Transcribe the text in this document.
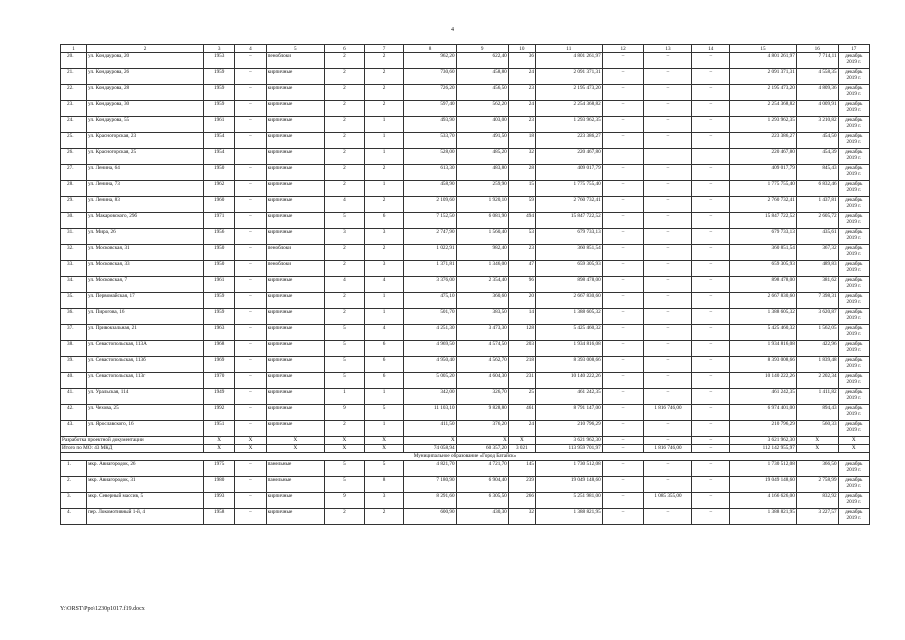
4
1	2	3	4	5	6	7	8	9	10	11	12	13	14	15	16	17
20.	ул. Кондаурова, 20	1953	–	пеноблоки	2	2	962,20	622,40	36	4 801 261,97	–	–	–	4 801 261,97	7 714,11	декабрь 2019 г.
21.	ул. Кондаурова, 26	1959	–	кирпичные	2	2	730,60	458,80	24	2 091 371,31	–	–	–	2 091 371,31	4 558,35	декабрь 2019 г.
22.	ул. Кондаурова, 28	1959	–	кирпичные	2	2	726,20	456,50	23	2 195 473,20	–	–	–	2 195 473,20	4 809,36	декабрь 2019 г.
23.	ул. Кондаурова, 30	1959	–	кирпичные	2	2	597,40	562,20	24	2 254 368,82	–	–	–	2 254 368,82	4 009,91	декабрь 2019 г.
24.	ул. Кондаурова, 55	1961	–	кирпичные	2	1	493,90	403,00	23	1 293 962,35	–	–	–	1 293 962,35	3 210,82	декабрь 2019 г.
25.	ул. Красногорская, 23	1954	–	кирпичные	2	1	533,70	491,50	18	223 386,27	–	–	–	223 386,27	454,50	декабрь 2019 г.
26.	ул. Красногорская, 25	1954		кирпичные	2	1	528,00	485,20	32	220 467,80				220 467,80	454,39	декабрь 2019 г.
27.	ул. Ленина, 64	1950	–	кирпичные	2	2	613,30	483,80	28	409 017,79	–	–	–	409 017,79	845,43	декабрь 2019 г.
28.	ул. Ленина, 73	1962	–	кирпичные	2	1	458,90	259,90	15	1 775 755,40	–	–	–	1 775 755,40	6 832,46	декабрь 2019 г.
29.	ул. Ленина, 83	1960	–	кирпичные	4	2	2 109,60	1 920,10	59	2 760 732,41	–	–	–	2 760 732,41	1 437,81	декабрь 2019 г.
30.	ул. Макаровского, 29б	1971	–	кирпичные	5	6	7 152,50	6 081,90	494	15 847 722,52	–	–	–	15 847 722,52	2 605,72	декабрь 2019 г.
31.	ул. Мира, 26	1956	–	кирпичные	3	3	2 747,90	1 560,40	53	679 733,13	–	–	–	679 733,13	435,61	декабрь 2019 г.
32.	ул. Московская, 31	1950	–	пеноблоки	2	2	1 022,91	982,40	23	360 851,54	–	–	–	360 851,54	367,32	декабрь 2019 г.
33.	ул. Московская, 33	1950	–	пеноблоки	2	3	1 371,81	1 346,00	47	659 305,93	–	–	–	659 305,93	489,83	декабрь 2019 г.
34.	ул. Московская, 7	1961	–	кирпичные	4	4	3 376,00	2 354,40	96	898 478,00	–	–	–	898 478,00	381,62	декабрь 2019 г.
35.	ул. Первомайская, 17	1959	–	кирпичные	2	1	475,10	360,60	20	2 667 830,60	–	–	–	2 667 830,60	7 398,31	декабрь 2019 г.
36.	ул. Пирогова, 16	1959	–	кирпичные	2	1	501,70	383,50	14	1 388 605,32	–	–	–	1 388 605,32	3 620,87	декабрь 2019 г.
37.	ул. Привокзальная, 21	1963	–	кирпичные	5	4	4 251,30	3 473,30	128	5 425 460,32	–	–	–	5 425 460,32	1 562,05	декабрь 2019 г.
38.	ул. Севастопольская, 113А	1968	–	кирпичные	5	6	4 969,50	4 574,50	203	1 934 816,08	–	–	–	1 934 816,08	422,96	декабрь 2019 г.
39.	ул. Севастопольская, 113б	1969	–	кирпичные	5	6	4 950,40	4 562,70	218	8 393 008,66	–	–	–	8 393 008,66	1 839,48	декабрь 2019 г.
40.	ул. Севастопольская, 113г	1970	–	кирпичные	5	6	5 005,20	4 604,30	231	10 140 222,26	–	–	–	10 140 222,26	2 202,34	декабрь 2019 г.
41.	ул. Уральская, 114	1949	–	кирпичные	1	1	342,00	326,70	25	461 242,35	–	–	–	461 242,35	1 411,82	декабрь 2019 г.
42.	ул. Чехова, 25	1992	–	кирпичные	9	5	11 103,10	9 828,80	461	8 791 147,00	–	1 816 746,00	–	6 974 401,00	894,43	декабрь 2019 г.
43.	ул. Ярославского, 16	1951	–	кирпичные	2	1	411,50	376,20	24	210 796,29	–	–	–	210 796,29	560,33	декабрь 2019 г.
Разработка проектной документации		X	X	X	X	X	X	X	X	3 621 962,30	–	–	–	3 621 962,30	X	X
Итого по МО: 43 МКД		X	X	X	X	X	74 058,94	60 357,20	3 021	113 959 701,97	–	1 816 746,00	–	112 142 955,97	X	X
Муниципальное образование «Город Батайск»																
1.	мкр. Авиагородок, 26	1975	–	панельные	5	5	4 821,70	4 721,70	145	1 730 512,08	–	–	–	1 730 512,08	366,50	декабрь 2019 г.
2.	мкр. Авиагородок, 31	1980	–	панельные	5	8	7 180,90	6 904,40	239	19 049 148,60	–	–	–	19 049 148,60	2 758,99	декабрь 2019 г.
3.	мкр. Северный массив, 5	1993	–	кирпичные	9	3	8 291,60	6 305,50	266	5 251 981,00	–	1 085 355,00	–	4 166 626,00	832,92	декабрь 2019 г.
4.	пер. Локомотивный 1-й, 4	1958	–	кирпичные	2	2	600,90	430,30	32	1 388 821,95	–	–	–	1 388 821,95	3 227,57	декабрь 2019 г.
Y:\ORST\Ppo\1230p1017.f19.docx
